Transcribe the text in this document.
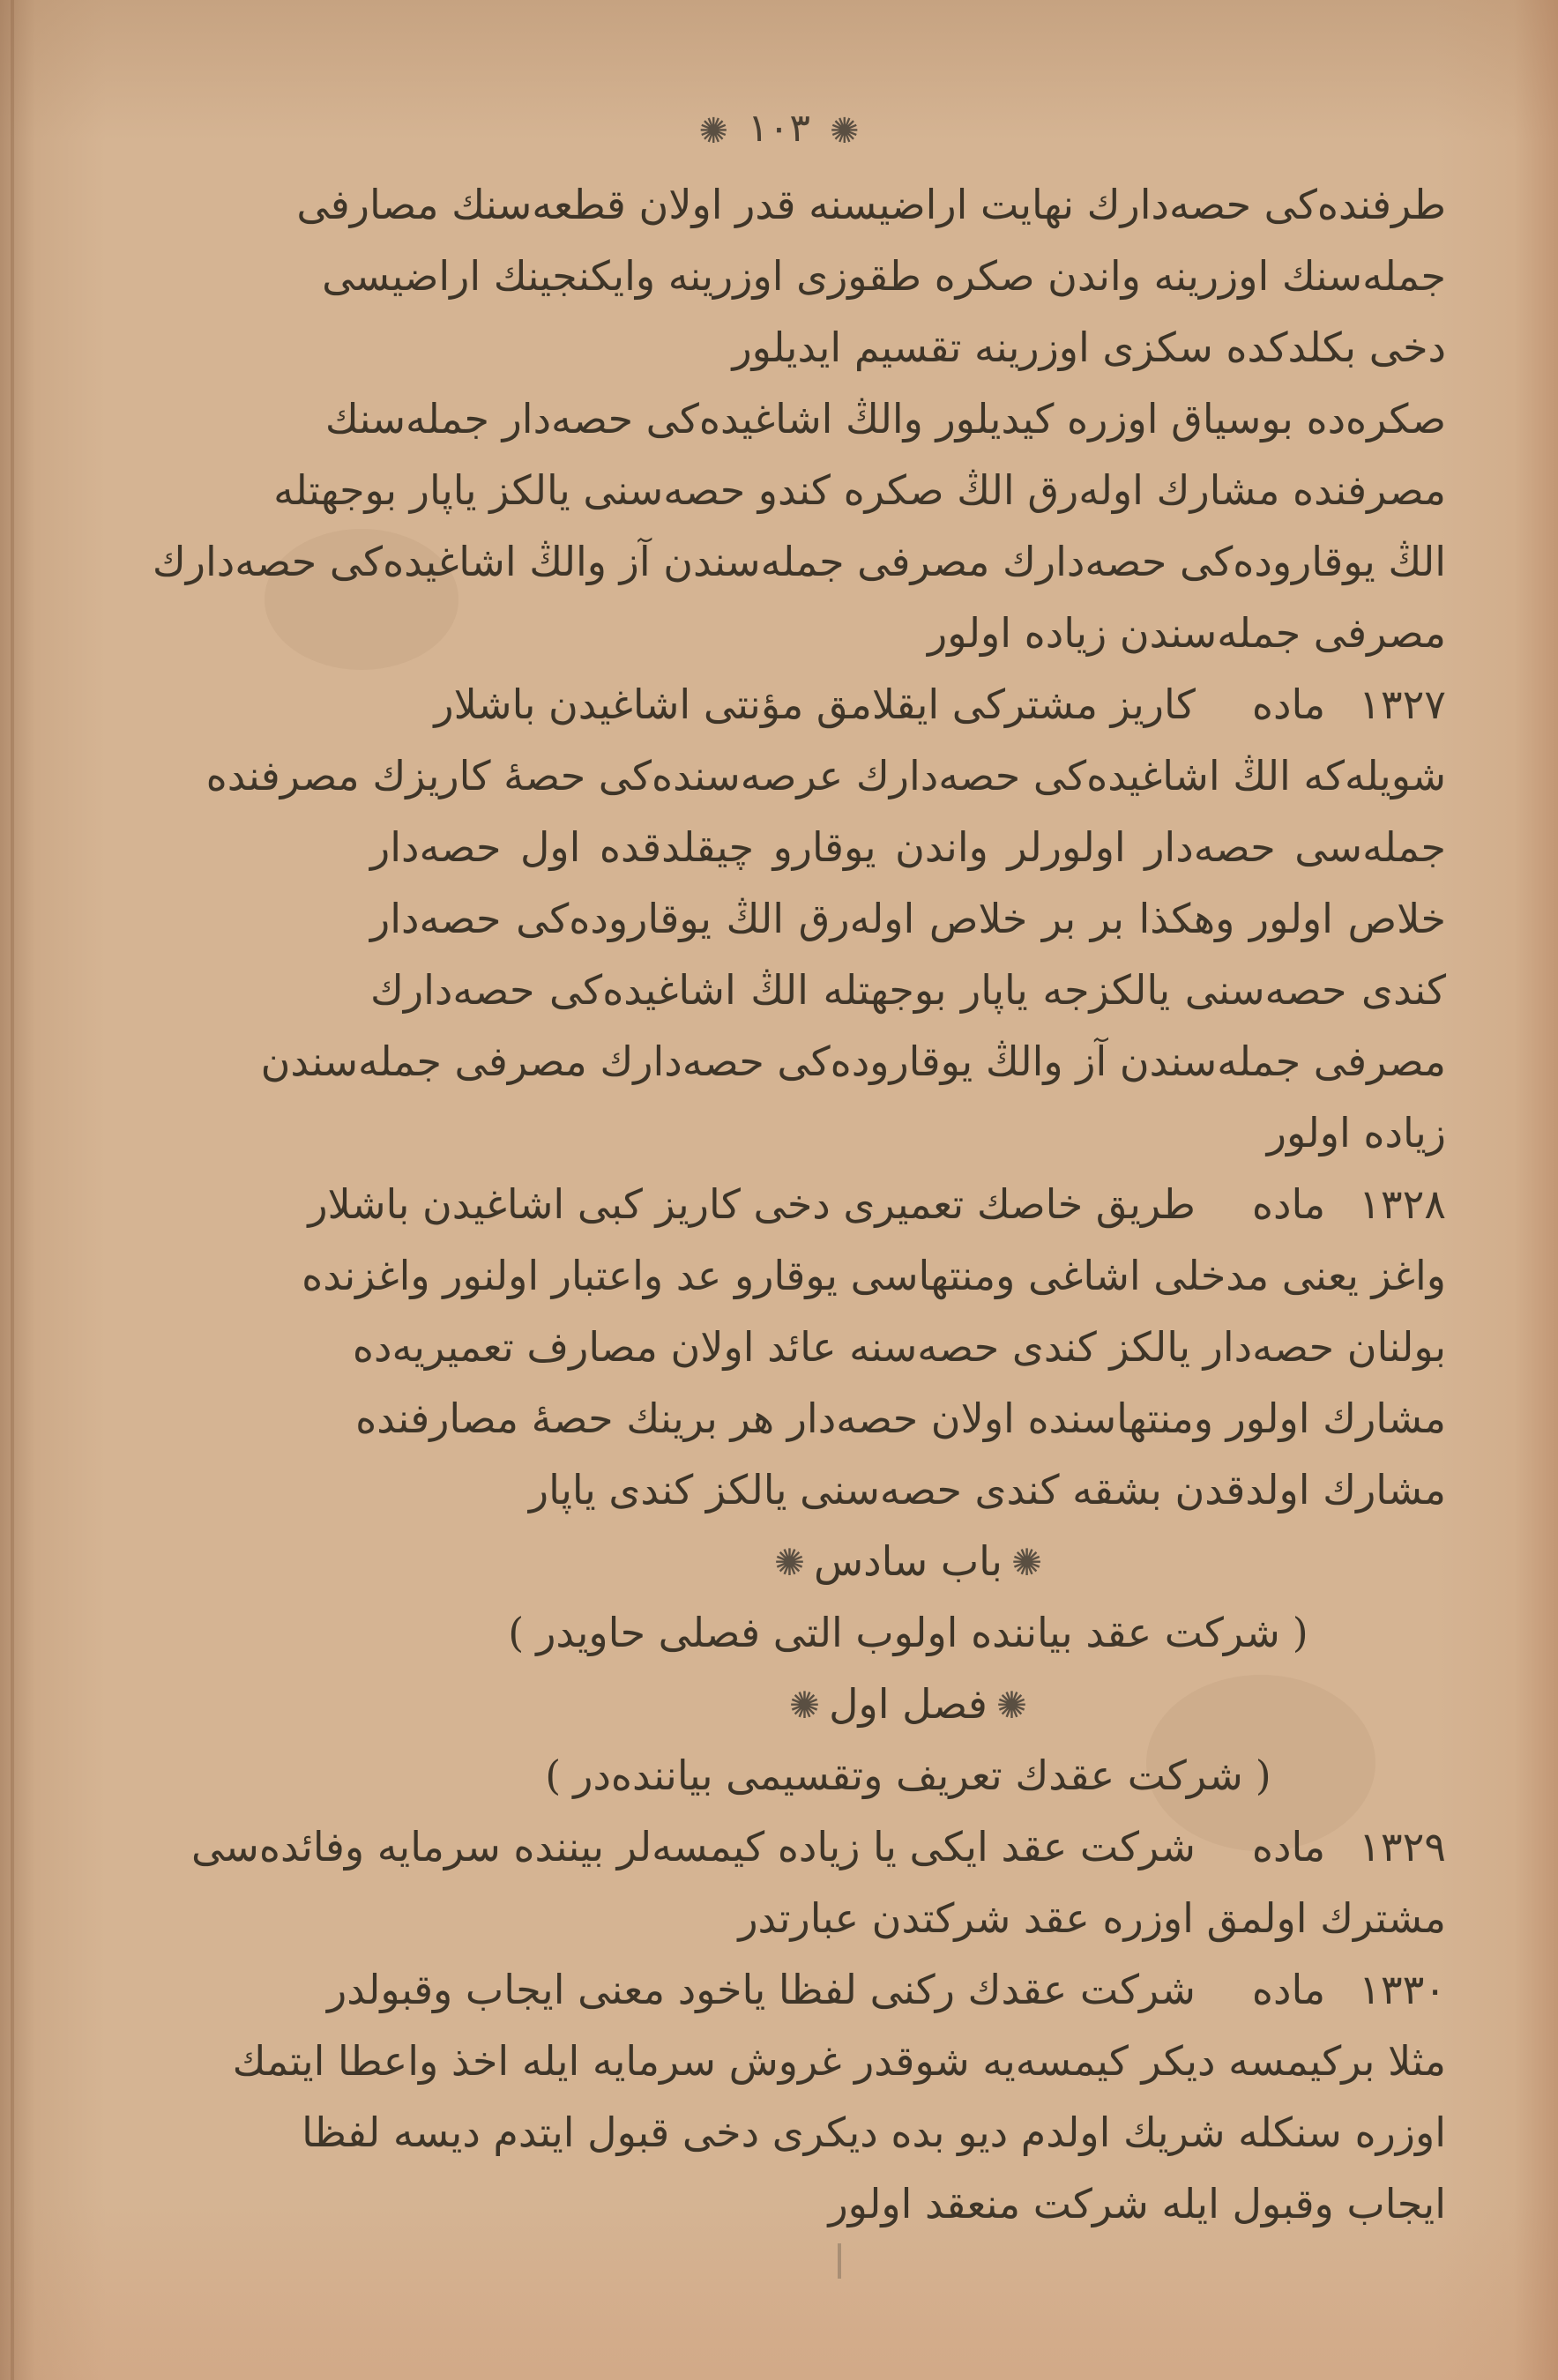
✺ ١٠٣ ✺
طرفنده‌کی حصه‌دارك نهایت اراضیسنه قدر اولان قطعه‌سنك مصارفی
جمله‌سنك اوزرینه واندن صکره طقوزی اوزرینه وایکنجینك اراضیسی
دخی بکلدکده سکزی اوزرینه تقسیم ایدیلور
صکره‌ده بوسیاق اوزره کیدیلور والڭ اشاغیده‌کی حصه‌دار جمله‌سنك
مصرفنده مشارك اوله‌رق الڭ صکره کندو حصه‌سنی یالکز یاپار بوجهتله
الڭ یوقارو‌ده‌کی حصه‌دارك مصرفی جمله‌سندن آز والڭ اشاغیده‌کی حصه‌دارك
مصرفی جمله‌سندن زیاده اولور
١٣٢٧مادهکاریز مشترکی ایقلامق مؤنتی اشاغیدن باشلار
شویله‌که الڭ اشاغیده‌کی حصه‌دارك عرصه‌سنده‌کی حصهٔ کاریزك مصرفنده
جمله‌سی حصه‌دار اولورلر واندن یوقارو چیقلدقده اول حصه‌دار
خلاص اولور وهکذا بر بر خلاص اوله‌رق الڭ یوقارو‌ده‌کی حصه‌دار
کندی حصه‌سنی یالکزجه یاپار بوجهتله الڭ اشاغیده‌کی حصه‌دارك
مصرفی جمله‌سندن آز والڭ یوقارو‌ده‌کی حصه‌دارك مصرفی جمله‌سندن
زیاده اولور
١٣٢٨مادهطریق خاصك تعمیری دخی کاریز کبی اشاغیدن باشلار
واغز یعنی مدخلی اشاغی ومنتهاسی یوقارو عد واعتبار اولنور واغزنده
بولنان حصه‌دار یالکز کندی حصه‌سنه عائد اولان مصارف تعمیریه‌ده
مشارك اولور ومنتهاسنده اولان حصه‌دار هر برینك حصهٔ مصارفنده
مشارك اولدقدن بشقه کندی حصه‌سنی یالکز کندی یاپار
✺باب سادس✺
(شرکت عقد بیاننده اولوب التی فصلی حاویدر)
✺فصل اول✺
(شرکت عقدك تعریف وتقسیمی بیاننده‌در)
١٣٢٩مادهشرکت عقد ایکی یا زیاده کیمسه‌لر بیننده سرمایه وفائده‌سی
مشترك اولمق اوزره عقد شرکتدن عبارتدر
١٣٣٠مادهشرکت عقدك رکنی لفظا یاخود معنی ایجاب وقبولدر
مثلا برکیمسه دیکر کیمسه‌یه شوقدر غروش سرمایه ایله اخذ واعطا ایتمك
اوزره سنکله شریك اولدم دیو بده دیکری دخی قبول ایتدم دیسه لفظا
ایجاب وقبول ایله شرکت منعقد اولور
